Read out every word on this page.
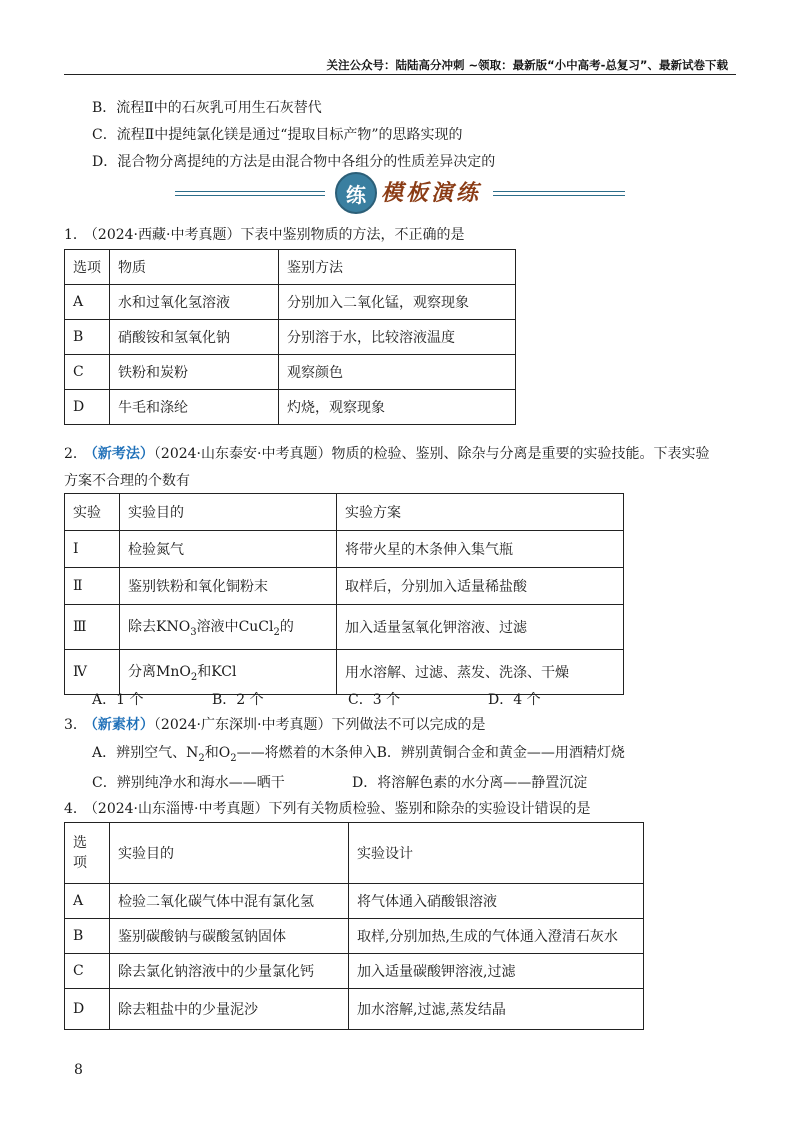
关注公众号：陆陆高分冲刺 ~领取：最新版“小中高考-总复习”、最新试卷下载
B．流程Ⅱ中的石灰乳可用生石灰替代
C．流程Ⅱ中提纯氯化镁是通过“提取目标产物”的思路实现的
D．混合物分离提纯的方法是由混合物中各组分的性质差异决定的
练 模板演练
1． （2024·西藏·中考真题）下表中鉴别物质的方法，不正确的是
选项	物质	鉴别方法
A	水和过氧化氢溶液	分别加入二氧化锰，观察现象
B	硝酸铵和氢氧化钠	分别溶于水，比较溶液温度
C	铁粉和炭粉	观察颜色
D	牛毛和涤纶	灼烧，观察现象
2． （新考法）（2024·山东泰安·中考真题）物质的检验、鉴别、除杂与分离是重要的实验技能。下表实验
方案不合理的个数有
实验	实验目的	实验方案
Ⅰ	检验氮气	将带火星的木条伸入集气瓶
Ⅱ	鉴别铁粉和氧化铜粉末	取样后，分别加入适量稀盐酸
Ⅲ	除去$KNO_3$溶液中CuCl$_2$的	加入适量氢氧化钾溶液、过滤
Ⅳ	分离MnO$_2$和KCl	用水溶解、过滤、蒸发、洗涤、干燥
A．1 个	B．2 个	C．3 个	D．4 个
3． （新素材）（2024·广东深圳·中考真题）下列做法不可以完成的是
A．辨别空气、$N_2$和$O_2——$将燃着的木条伸入B．辨别黄铜合金和黄金——用酒精灯烧
C．辨别纯净水和海水——晒干	D．将溶解色素的水分离——静置沉淀
4． （2024·山东淄博·中考真题）下列有关物质检验、鉴别和除杂的实验设计错误的是
选
项	实验目的	实验设计
A	检验二氧化碳气体中混有氯化氢	将气体通入硝酸银溶液
B	鉴别碳酸钠与碳酸氢钠固体	取样,分别加热,生成的气体通入澄清石灰水
C	除去氯化钠溶液中的少量氯化钙	加入适量碳酸钾溶液,过滤
D	除去粗盐中的少量泥沙	加水溶解,过滤,蒸发结晶
8
